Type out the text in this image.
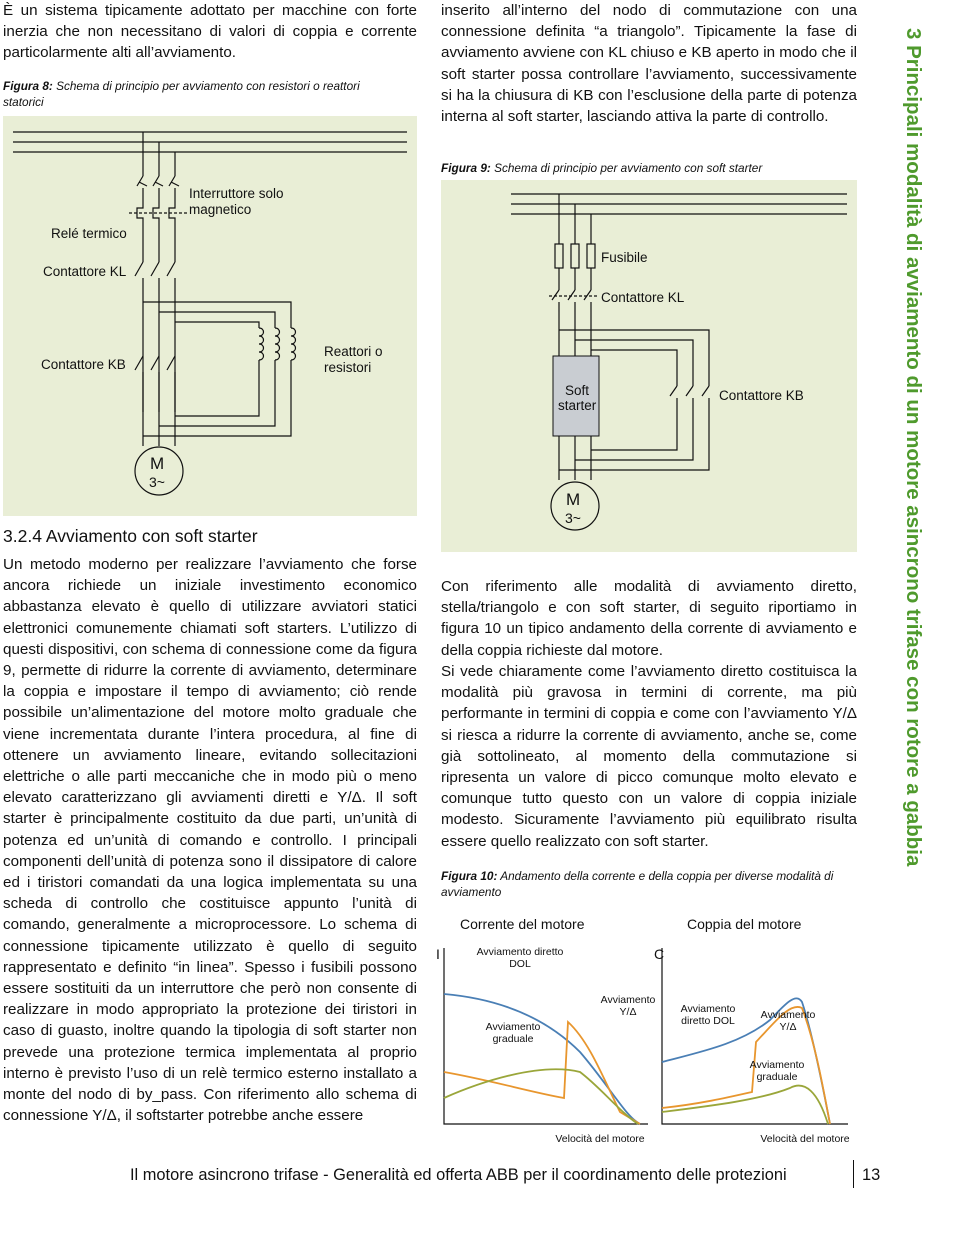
È un sistema tipicamente adottato per macchine con forte inerzia che non necessitano di valori di coppia e corrente particolarmente alti all’avviamento.

Figura 8: Schema di principio per avviamento con resistori o reattori statorici
Relé termico
Contattore KL
Contattore KB
Interruttore solo magnetico
Reattori o resistori
M
3~
3.2.4 Avviamento con soft starter

Un metodo moderno per realizzare l’avviamento che forse ancora richiede un iniziale investimento economico abbastanza elevato è quello di utilizzare avviatori statici elettronici comunemente chiamati soft starters. L’utilizzo di questi dispositivi, con schema di connessione come da figura 9, permette di ridurre la corrente di avviamento, determinare la coppia e impostare il tempo di avviamento; ciò rende possibile un’alimentazione del motore molto graduale che viene incrementata durante l’intera procedura, al fine di ottenere un avviamento lineare, evitando sollecitazioni elettriche o alle parti meccaniche che in modo più o meno elevato caratterizzano gli avviamenti diretti e Y/Δ. Il soft starter è principalmente costituito da due parti, un’unità di potenza ed un’unità di comando e controllo. I principali componenti dell’unità di potenza sono il dissipatore di calore ed i tiristori comandati da una logica implementata su una scheda di controllo che costituisce appunto l’unità di comando, generalmente a microprocessore. Lo schema di connessione tipicamente utilizzato è quello di seguito rappresentato e definito “in linea”. Spesso i fusibili possono essere sostituiti da un interruttore che però non consente di realizzare in modo appropriato la protezione dei tiristori in caso di guasto, inoltre quando la tipologia di soft starter non prevede una protezione termica implementata al proprio interno è previsto l’uso di un relè termico esterno installato a monte del nodo di by_pass. Con riferimento allo schema di connessione Y/Δ, il softstarter potrebbe anche essere

inserito all’interno del nodo di commutazione con una connessione definita “a triangolo”. Tipicamente la fase di avviamento avviene con KL chiuso e KB aperto in modo che il soft starter possa controllare l’avviamento, successivamente si ha la chiusura di KB con l’esclusione della parte di potenza interna al soft starter, lasciando attiva la parte di controllo.

Figura 9: Schema di principio per avviamento con soft starter
Fusibile
Contattore KL
Contattore KB
Soft
starter
M
3~

Con riferimento alle modalità di avviamento diretto, stella/triangolo e con soft starter, di seguito riportiamo in figura 10 un tipico andamento della corrente di avviamento e della coppia richieste dal motore.

Si vede chiaramente come l’avviamento diretto costituisca la modalità più gravosa in termini di corrente, ma più performante in termini di coppia e come con l’avviamento Y/Δ si riesca a ridurre la corrente di avviamento, anche se, come già sottolineato, al momento della commutazione si ripresenta un valore di picco comunque molto elevato e comunque tutto questo con un valore di coppia iniziale modesto. Sicuramente l’avviamento più equilibrato risulta essere quello realizzato con soft starter.

Figura 10: Andamento della corrente e della coppia per diverse modalità di avviamento
Corrente del motore	Coppia del motore
I	C
Velocità del motore	Velocità del motore
Avviamento diretto
DOL
Avviamento
Y/Δ
Avviamento
graduale
Avviamento
diretto DOL	Avviamento
Y/Δ
Avviamento
graduale
3 Principali modalità di avviamento di un motore asincrono trifase con rotore a gabbia
Il motore asincrono trifase - Generalità ed offerta ABB per il coordinamento delle protezioni	13
